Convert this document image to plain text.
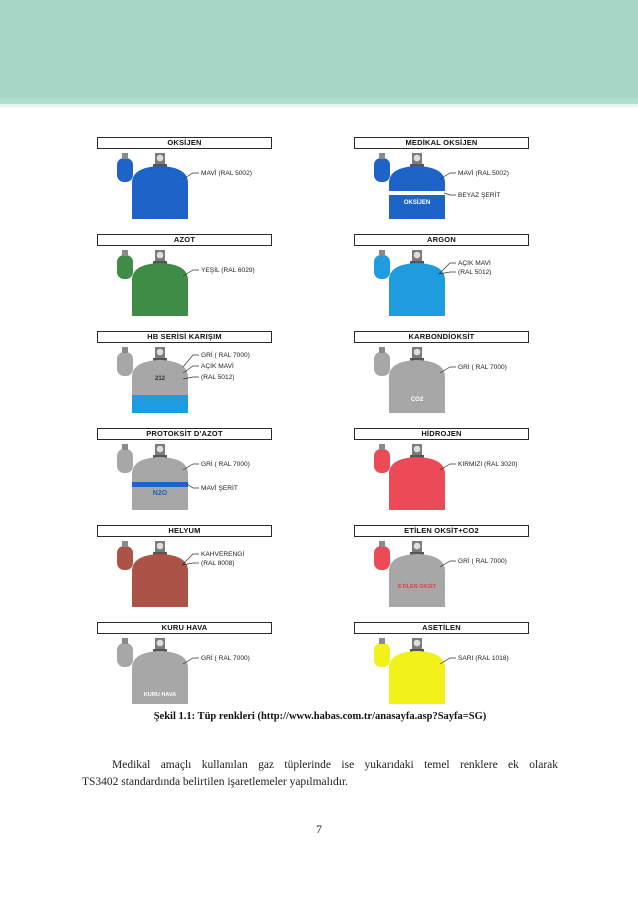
OKSİJEN
MAVİ (RAL 5002)
MEDİKAL OKSİJEN
OKSİJEN
MAVİ (RAL 5002)
BEYAZ ŞERİT
AZOT
YEŞİL (RAL 6029)
ARGON
AÇIK MAVİ
(RAL 5012)
HB SERİSİ KARIŞIM
212
GRİ ( RAL 7000)
AÇIK MAVİ
(RAL 5012)
KARBONDİOKSİT
CO2
GRİ ( RAL 7000)
PROTOKSİT D'AZOT
N2O
GRİ ( RAL 7000)
MAVİ ŞERİT
HİDROJEN
KIRMIZI (RAL 3020)
HELYUM
KAHVERENGİ
(RAL 8008)
ETİLEN OKSİT+CO2
ETİLEN OKSİT
GRİ ( RAL 7000)
KURU HAVA
KURU HAVA
GRİ ( RAL 7000)
ASETİLEN
SARI (RAL 1018)
Şekil 1.1: Tüp renkleri (http://www.habas.com.tr/anasayfa.asp?Sayfa=SG)
Medikal amaçlı kullanılan gaz tüplerinde ise yukarıdaki temel renklere ek olarak
TS3402 standardında belirtilen işaretlemeler yapılmalıdır.
7
